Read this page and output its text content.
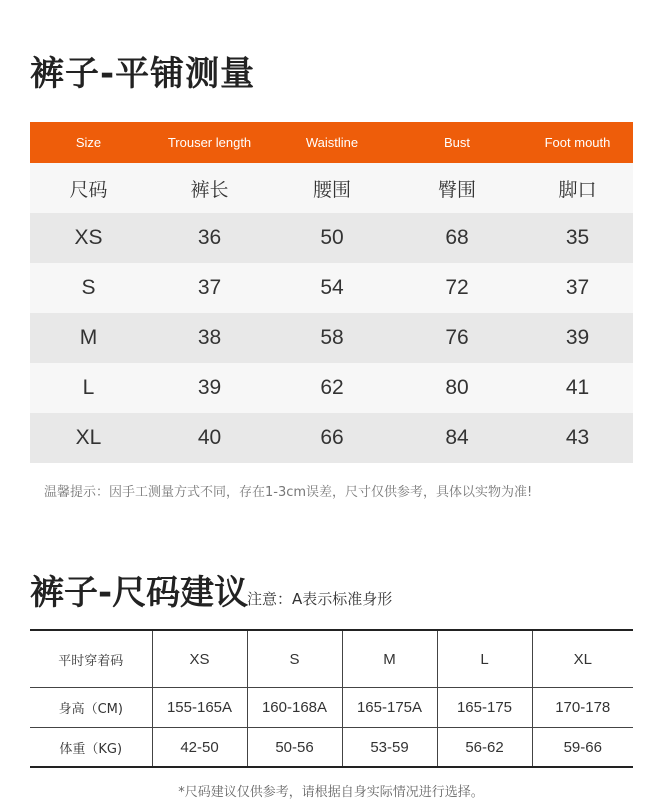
裤子-平铺测量
Size	Trouser length	Waistline	Bust	Foot mouth
尺码	裤长	腰围	臀围	脚口
XS	36	50	68	35
S	37	54	72	37
M	38	58	76	39
L	39	62	80	41
XL	40	66	84	43
温馨提示：因手工测量方式不同，存在1-3cm误差，尺寸仅供参考，具体以实物为准!
裤子-尺码建议
注意：A表示标准身形
平时穿着码	XS	S	M	L	XL
身高（CM)	155-165A	160-168A	165-175A	165-175	170-178
体重（KG)	42-50	50-56	53-59	56-62	59-66
*尺码建议仅供参考，请根据自身实际情况进行选择。
